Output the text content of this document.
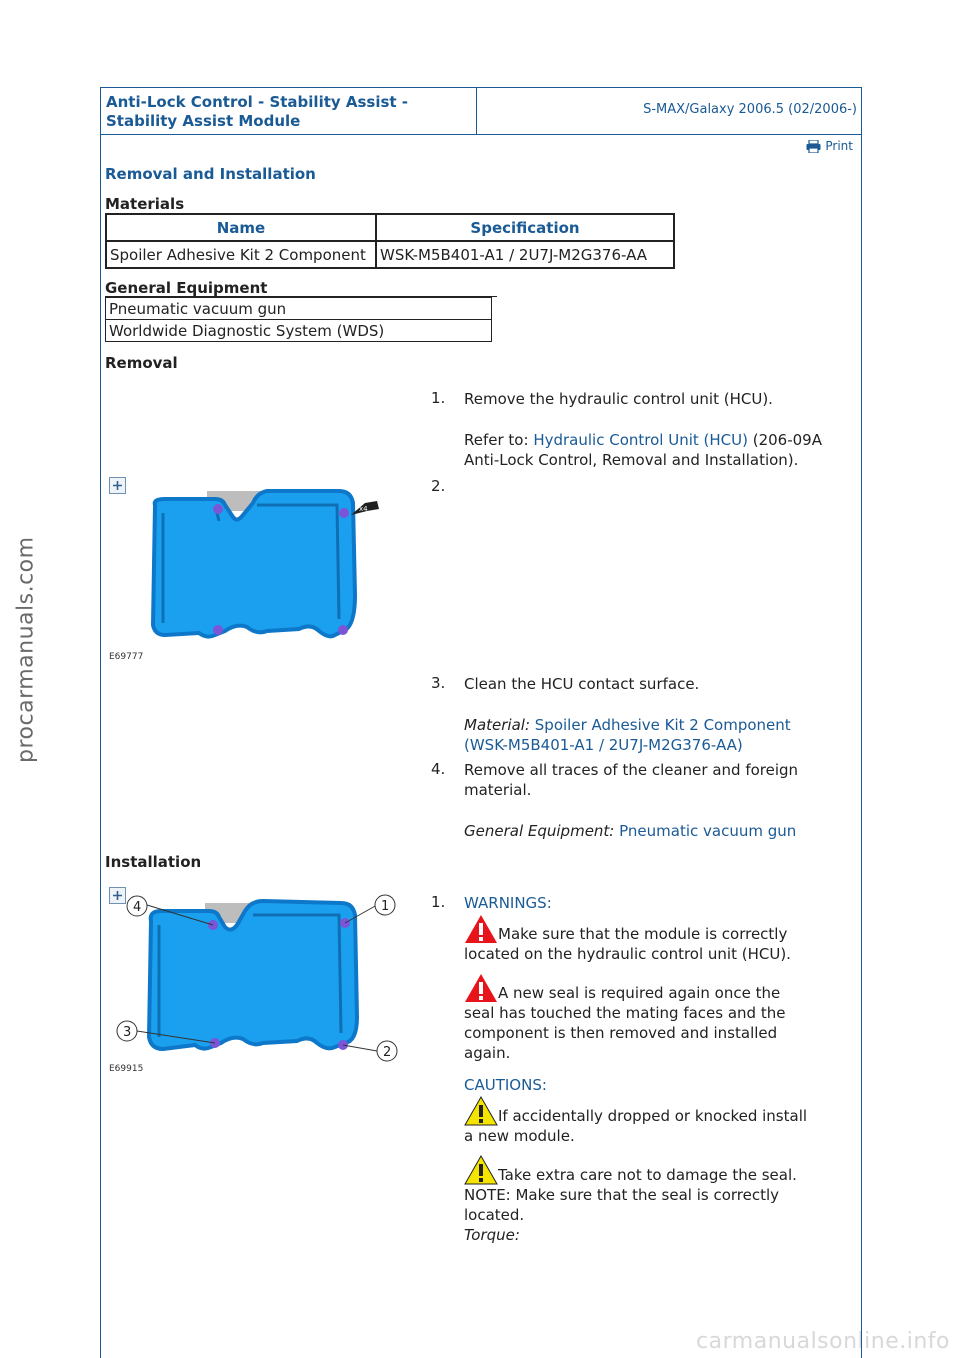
procarmanuals.com
carmanualsonline.info
Anti-Lock Control - Stability Assist -
Stability Assist Module
S-MAX/Galaxy 2006.5 (02/2006-)
Print
Removal and Installation
Materials
Name	Specification
Spoiler Adhesive Kit 2 Component	WSK-M5B401-A1 / 2U7J-M2G376-AA
General Equipment
Pneumatic vacuum gun
Worldwide Diagnostic System (WDS)
Removal
1. Remove the hydraulic control unit (HCU).
Refer to: Hydraulic Control Unit (HCU) (206-09A
Anti-Lock Control, Removal and Installation).
x4
E69777
2.
3. Clean the HCU contact surface.
Material: Spoiler Adhesive Kit 2 Component
(WSK-M5B401-A1 / 2U7J-M2G376-AA)
4. Remove all traces of the cleaner and foreign
material.
General Equipment: Pneumatic vacuum gun
Installation
4	1
3
2
E69915
1. WARNINGS:
Make sure that the module is correctly
located on the hydraulic control unit (HCU).
A new seal is required again once the
seal has touched the mating faces and the
component is then removed and installed
again.
CAUTIONS:
If accidentally dropped or knocked install
a new module.
Take extra care not to damage the seal.
NOTE: Make sure that the seal is correctly
located.
Torque:
